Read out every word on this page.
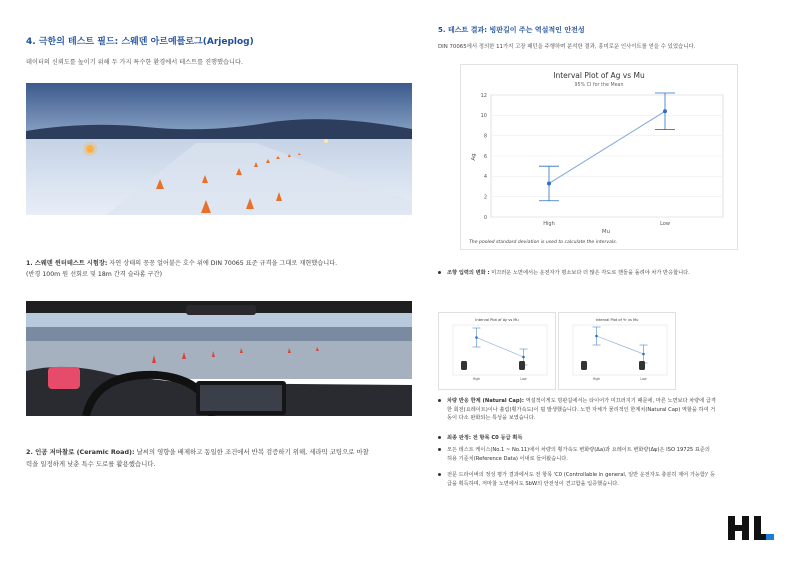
4. 극한의 테스트 필드: 스웨덴 아르예플로그(Arjeplog)
데이터의 신뢰도를 높이기 위해 두 가지 특수한 환경에서 테스트를 진행했습니다.
1. 스웨덴 윈터테스트 시험장: 자연 상태의 꽁꽁 얼어붙은 호수 위에 DIN 70065 표준 규격을 그대로 재현했습니다.
(반경 100m 원 선회로 및 18m 간격 슬라롬 구간)
2. 인공 저마찰로 (Ceramic Road): 날씨의 영향을 배제하고 동일한 조건에서 반복 검증하기 위해, 세라믹 코팅으로 마찰
력을 일정하게 낮춘 특수 도로를 활용했습니다.
5. 테스트 결과: 빙판길이 주는 역설적인 안전성
DIN 70065에서 정의한 11가지 고장 패턴을 주행하며 분석한 결과, 흥미로운 인사이트를 얻을 수 있었습니다.
Interval Plot of Ag vs Mu
95% CI for the Mean
Ag
Mu
The pooled standard deviation is used to calculate the intervals.
0
2
4
6
8
10
12
High	Low
조향 입력의 변화 : 미끄러운 노면에서는 운전자가 평소보다 더 많은 각도로 핸들을 돌려야 차가 반응합니다.
Interval Plot of Ay vs Mu
High	Low
Interval Plot of Yr vs Mu
High	Low
차량 반응 한계 (Natural Cap): 역설적이게도 빙판길에서는 타이어가 미끄러지기 때문에, 마른 노면보다 차량에 급격
한 회전(요레이트)이나 쏠림(횡가속도)이 덜 발생했습니다. 노면 자체가 물리적인 한계치(Natural Cap) 역할을 하여 거
동이 다소 완화되는 특성을 보였습니다.
최종 판정: 전 항목 C0 등급 획득
모든 테스트 케이스(No.1 ~ No.11)에서 차량의 횡가속도 변화량(Δa)과 요레이트 변화량(Δψ)은 ISO 19725 표준의
허용 기준치(Reference Data) 이내로 들어왔습니다.
전문 드라이버의 정성 평가 결과에서도 전 항목 'C0 (Controllable in general, 일반 운전자도 충분히 제어 가능함)' 등
급을 획득하며, 저마찰 노면에서도 SbW의 안전성이 견고함을 입증했습니다.
